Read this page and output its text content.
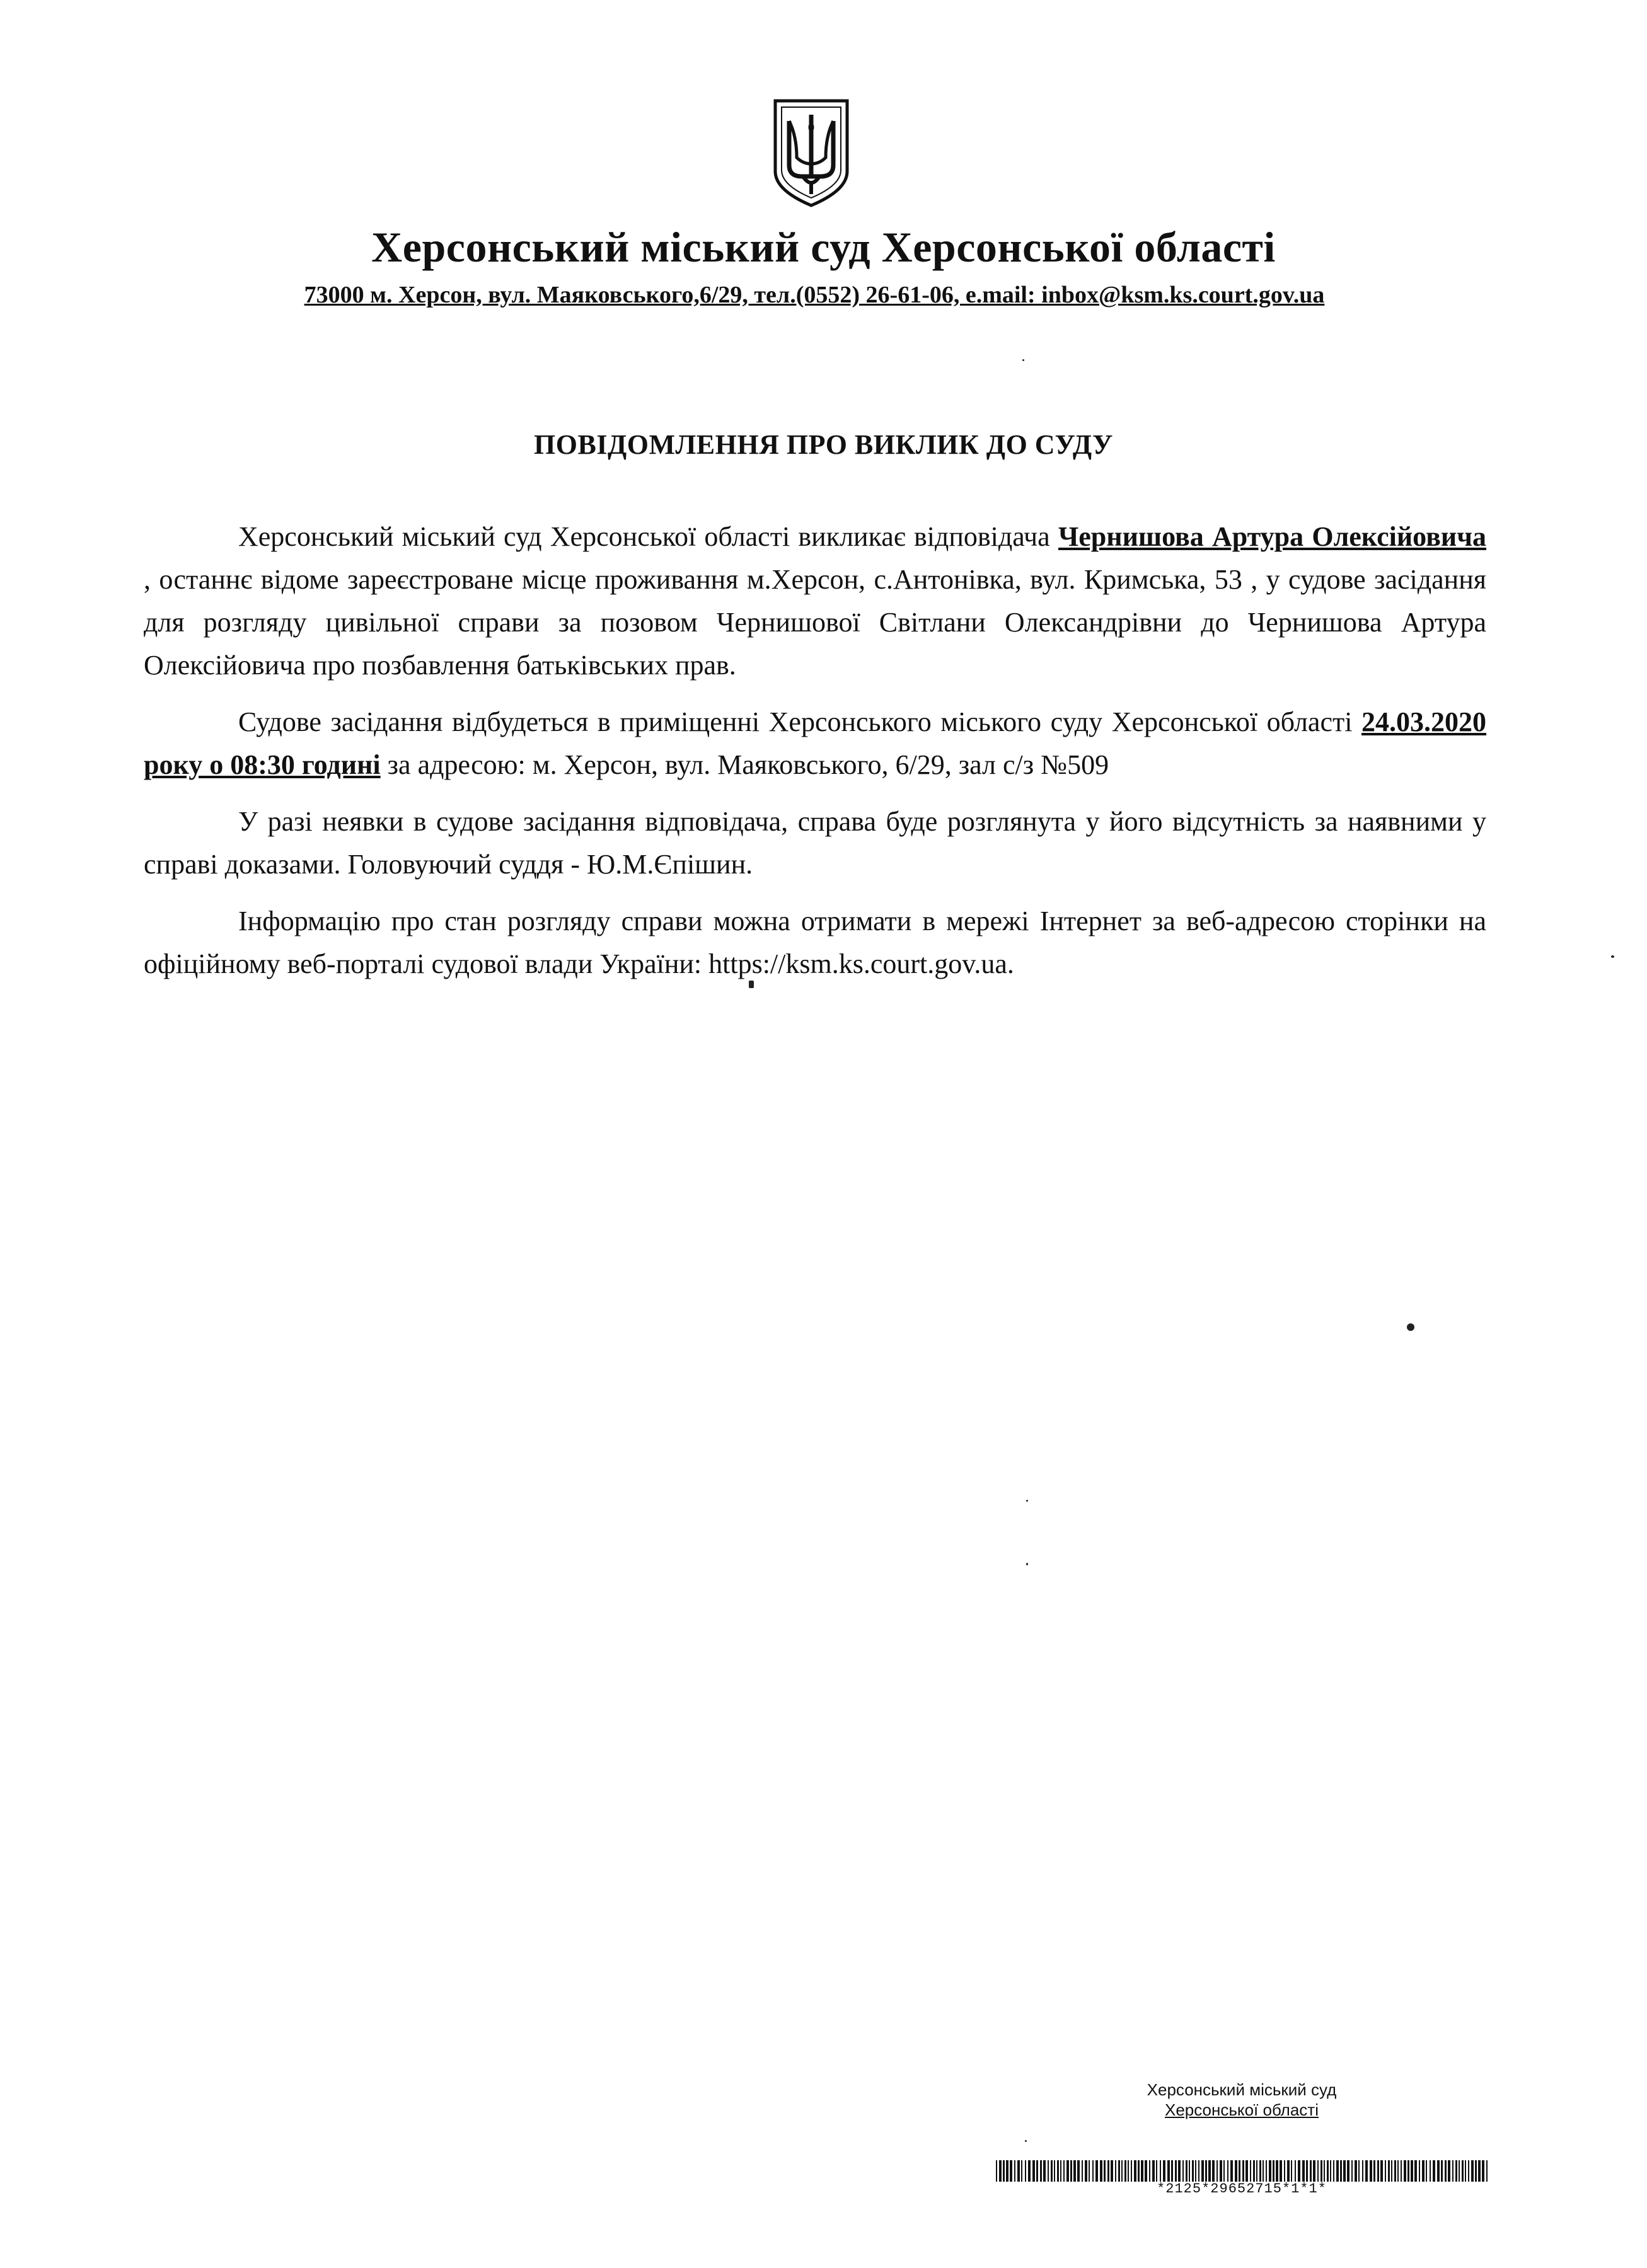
Херсонський міський суд Херсонської області
73000 м. Херсон, вул. Маяковського,6/29, тел.(0552) 26-61-06, e.mail: inbox@ksm.ks.court.gov.ua
ПОВІДОМЛЕННЯ ПРО ВИКЛИК ДО СУДУ

Херсонський міський суд Херсонської області викликає відповідача Чернишова Артура Олексійовича , останнє відоме зареєстроване місце проживання м.Херсон, с.Антонівка, вул. Кримська, 53 , у судове засідання для розгляду цивільної справи за позовом Чернишової Світлани Олександрівни до Чернишова Артура Олексійовича про позбавлення батьківських прав.

Судове засідання відбудеться в приміщенні Херсонського міського суду Херсонської області 24.03.2020 року о 08:30 годині за адресою: м. Херсон, вул. Маяковського, 6/29, зал с/з №509

У разі неявки в судове засідання відповідача, справа буде розглянута у його відсутність за наявними у справі доказами. Головуючий суддя - Ю.М.Єпішин.

Інформацію про стан розгляду справи можна отримати в мережі Інтернет за веб-адресою сторінки на офіційному веб-порталі судової влади України: https://ksm.ks.court.gov.ua.

Херсонський міський суд
Херсонської області
*2125*29652715*1*1*
